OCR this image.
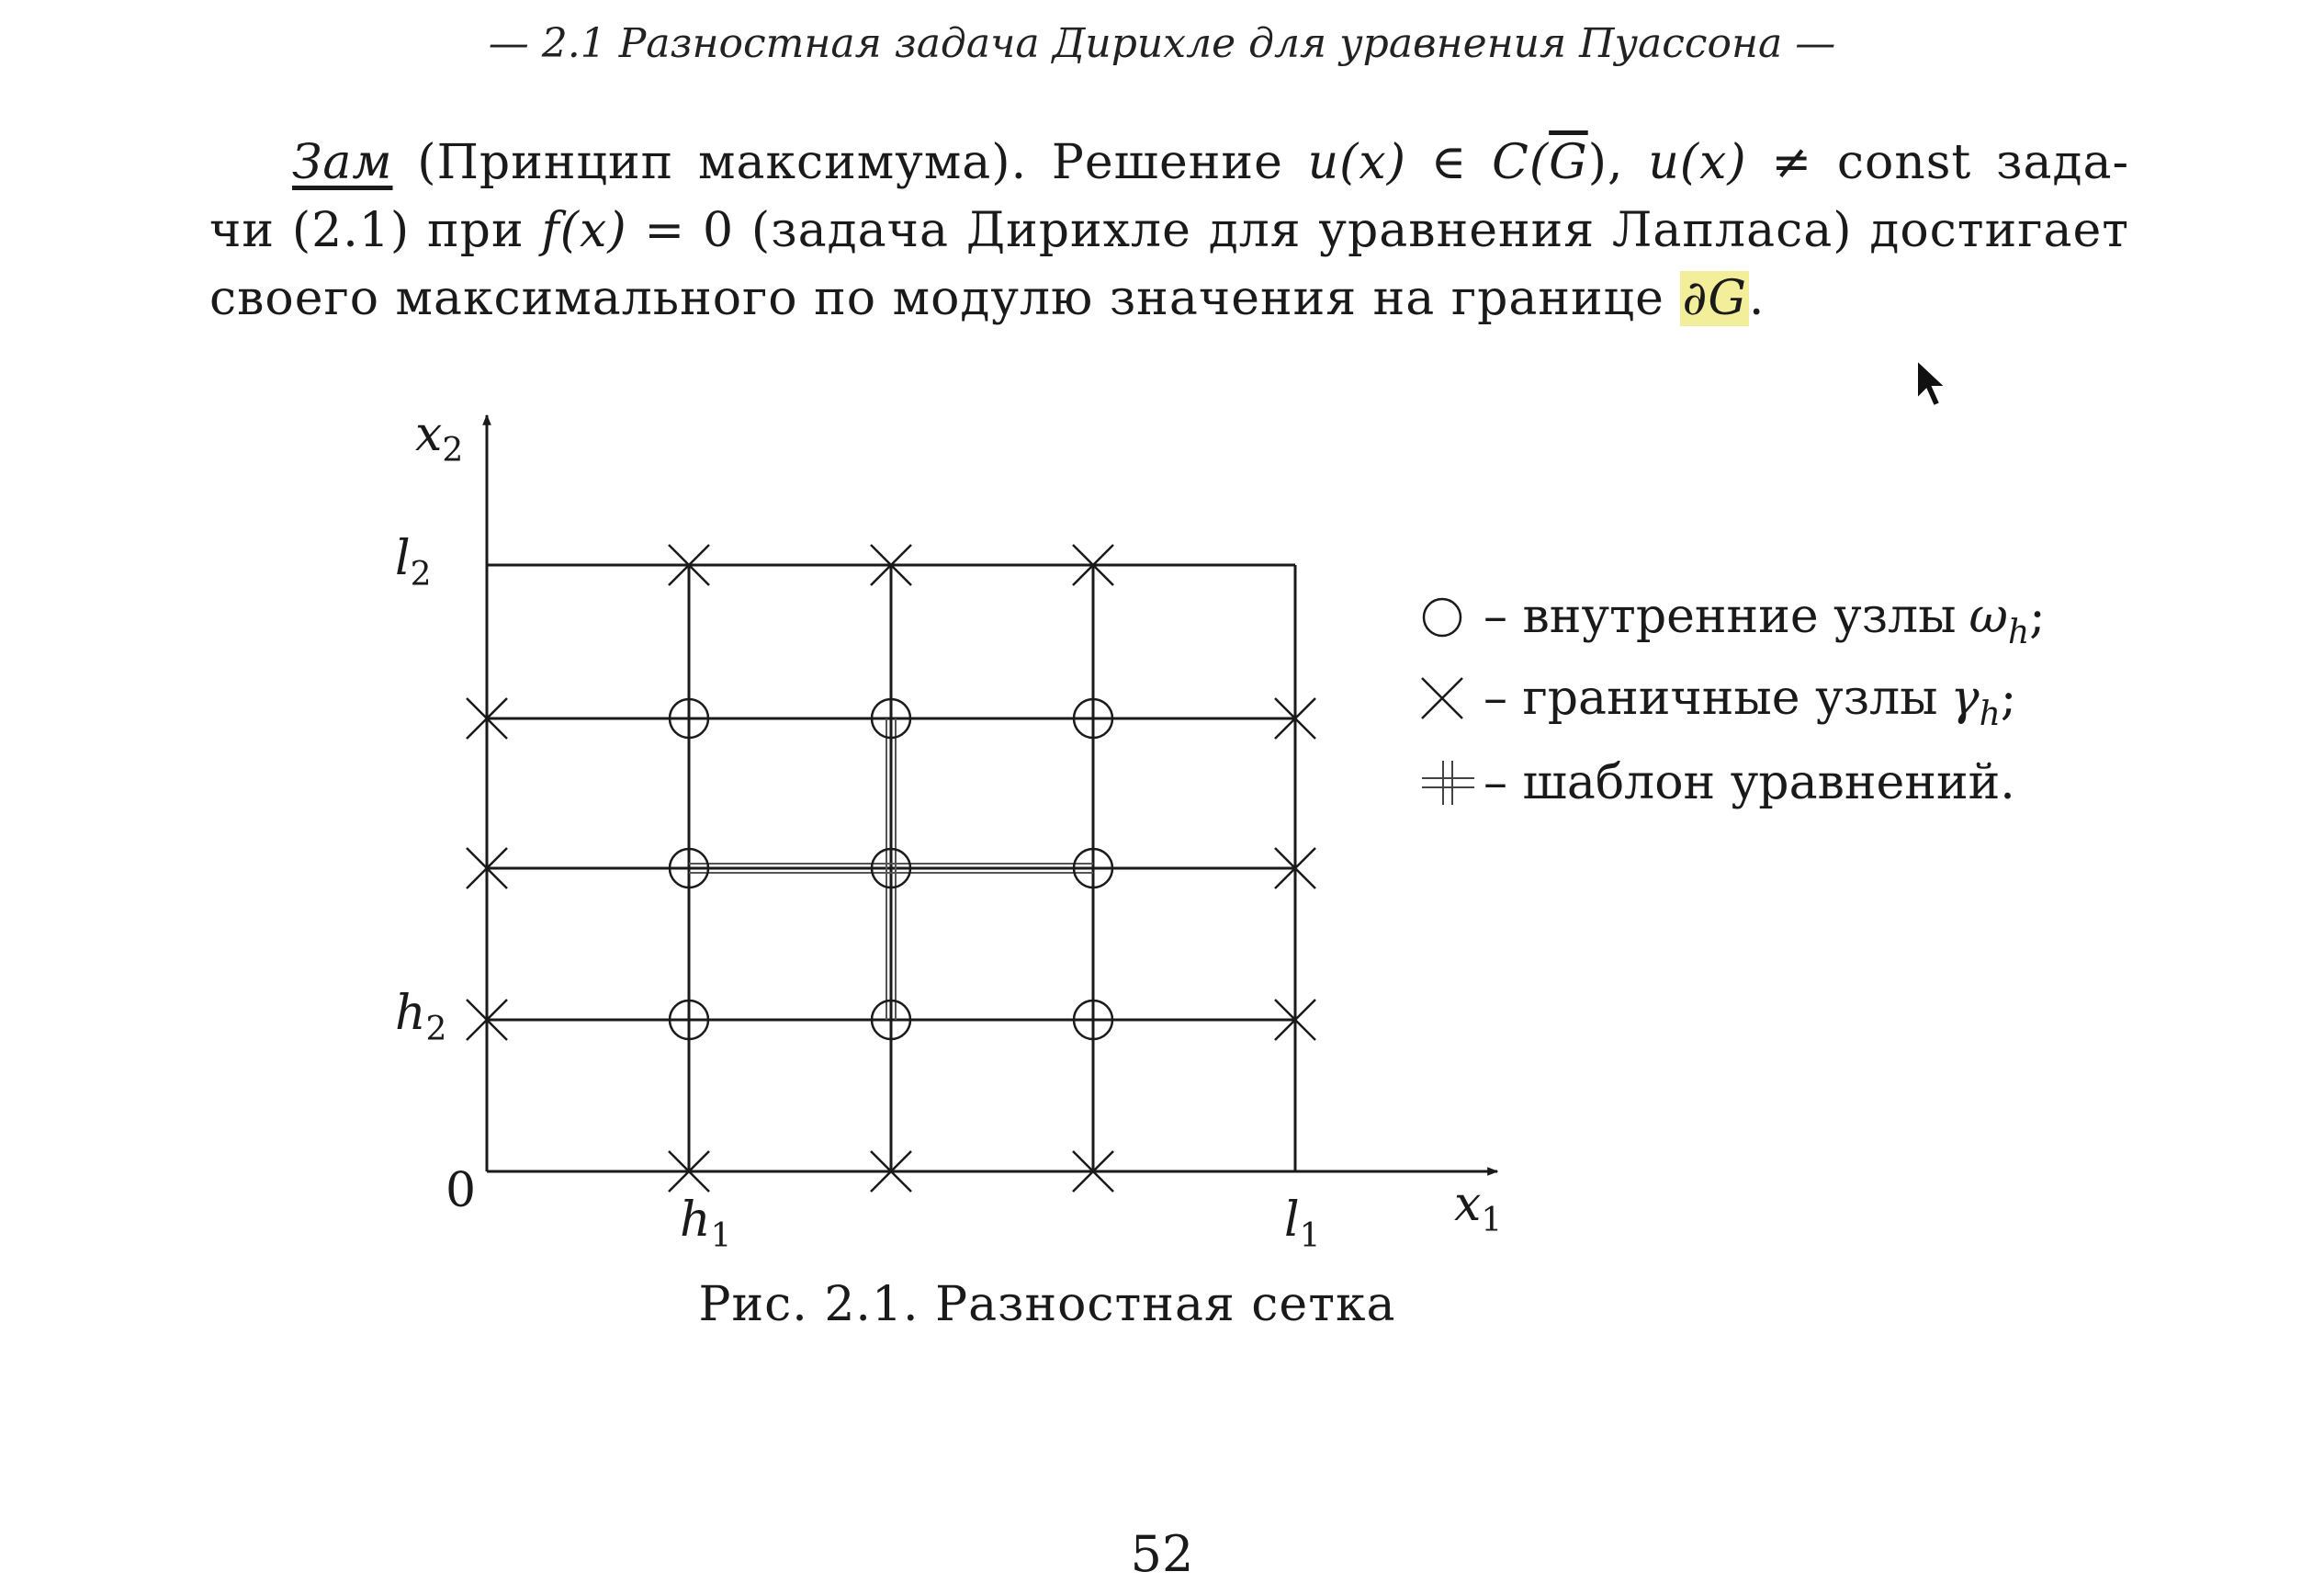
— 2.1 Разностная задача Дирихле для уравнения Пуассона —
Зам (Принцип максимума). Решение u(x) ∈ $C(\overline{G})$, u(x) ≠ const зада-
чи (2.1) при f(x) = 0 (задача Дирихле для уравнения Лапласа) достигает
своего максимального по модулю значения на границе ∂G.
$x_2$
$x_1$
$l_2$
$h_2$
$h_1$	$l_1$
0
– внутренние узлы $\omega_h$;
– граничные узлы $\gamma_h$;
– шаблон уравнений.
Рис. 2.1. Разностная сетка
52
